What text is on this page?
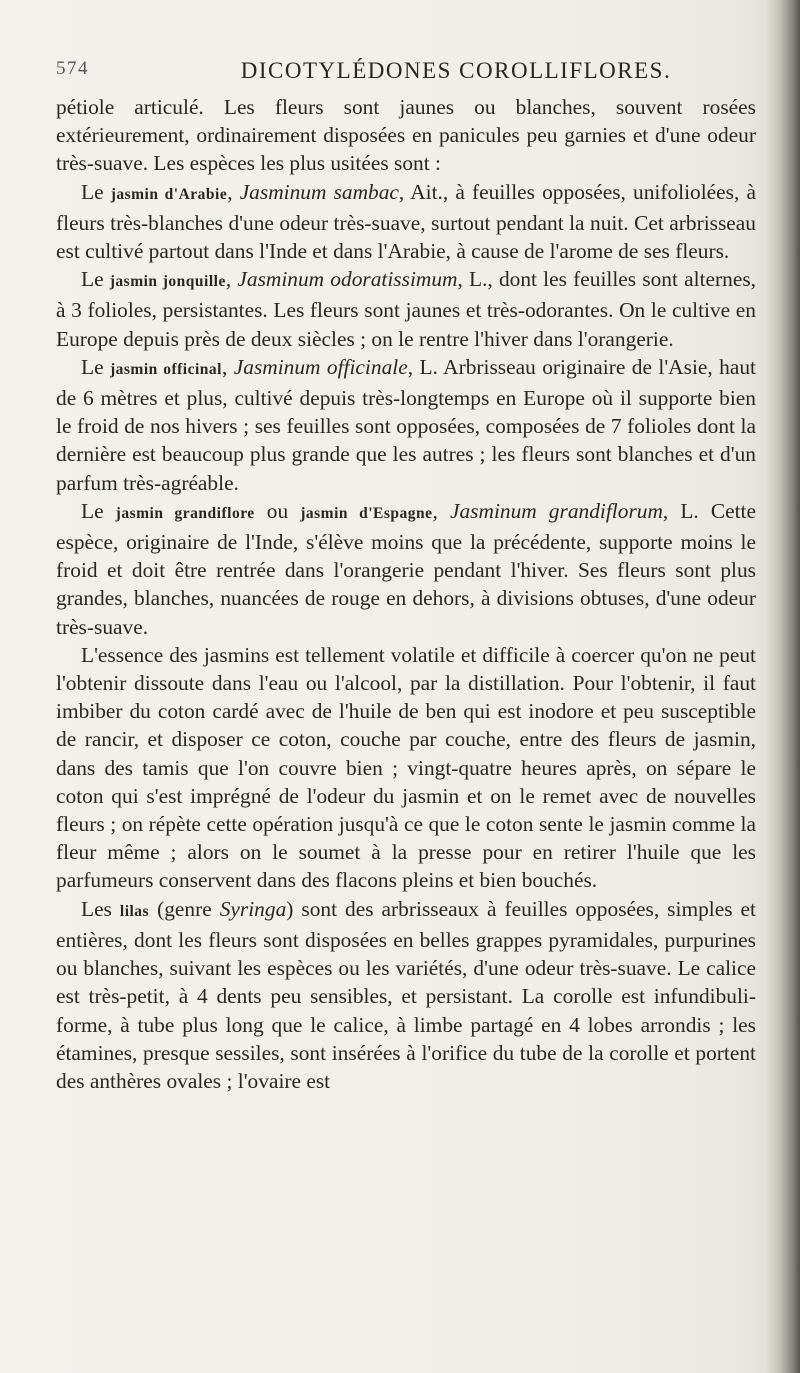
574	DICOTYLÉDONES COROLLIFLORES.

pétiole articulé. Les fleurs sont jaunes ou blanches, souvent rosées extérieurement, ordinairement disposées en panicules peu garnies et d'une odeur très-suave. Les espèces les plus usitées sont :

Le jasmin d'Arabie, Jasminum sambac, Ait., à feuilles opposées, unifoliolées, à fleurs très-blanches d'une odeur très-suave, surtout pendant la nuit. Cet arbrisseau est cultivé partout dans l'Inde et dans l'Arabie, à cause de l'arome de ses fleurs.

Le jasmin jonquille, Jasminum odoratissimum, L., dont les feuilles sont alternes, à 3 folioles, persistantes. Les fleurs sont jaunes et très-odorantes. On le cultive en Europe depuis près de deux siècles ; on le rentre l'hiver dans l'orangerie.

Le jasmin officinal, Jasminum officinale, L. Arbrisseau originaire de l'Asie, haut de 6 mètres et plus, cultivé depuis très-longtemps en Europe où il supporte bien le froid de nos hivers ; ses feuilles sont opposées, composées de 7 folioles dont la dernière est beaucoup plus grande que les autres ; les fleurs sont blanches et d'un parfum très-agréable.

Le jasmin grandiflore ou jasmin d'Espagne, Jasminum grandiflorum, L. Cette espèce, originaire de l'Inde, s'élève moins que la précédente, supporte moins le froid et doit être rentrée dans l'orangerie pendant l'hiver. Ses fleurs sont plus grandes, blanches, nuancées de rouge en dehors, à divisions obtuses, d'une odeur très-suave.

L'essence des jasmins est tellement volatile et difficile à coercer qu'on ne peut l'obtenir dissoute dans l'eau ou l'alcool, par la distillation. Pour l'obtenir, il faut imbiber du coton cardé avec de l'huile de ben qui est inodore et peu susceptible de rancir, et disposer ce coton, couche par couche, entre des fleurs de jasmin, dans des tamis que l'on couvre bien ; vingt-quatre heures après, on sépare le coton qui s'est imprégné de l'odeur du jasmin et on le remet avec de nouvelles fleurs ; on répète cette opération jusqu'à ce que le coton sente le jasmin comme la fleur même ; alors on le soumet à la presse pour en retirer l'huile que les parfumeurs conservent dans des flacons pleins et bien bouchés.

Les lilas (genre Syringa) sont des arbrisseaux à feuilles opposées, simples et entières, dont les fleurs sont disposées en belles grappes pyramidales, purpurines ou blanches, suivant les espèces ou les variétés, d'une odeur très-suave. Le calice est très-petit, à 4 dents peu sensibles, et persistant. La corolle est infundibuliforme, à tube plus long que le calice, à limbe partagé en 4 lobes arrondis ; les étamines, presque sessiles, sont insérées à l'orifice du tube de la corolle et portent des anthères ovales ; l'ovaire est
